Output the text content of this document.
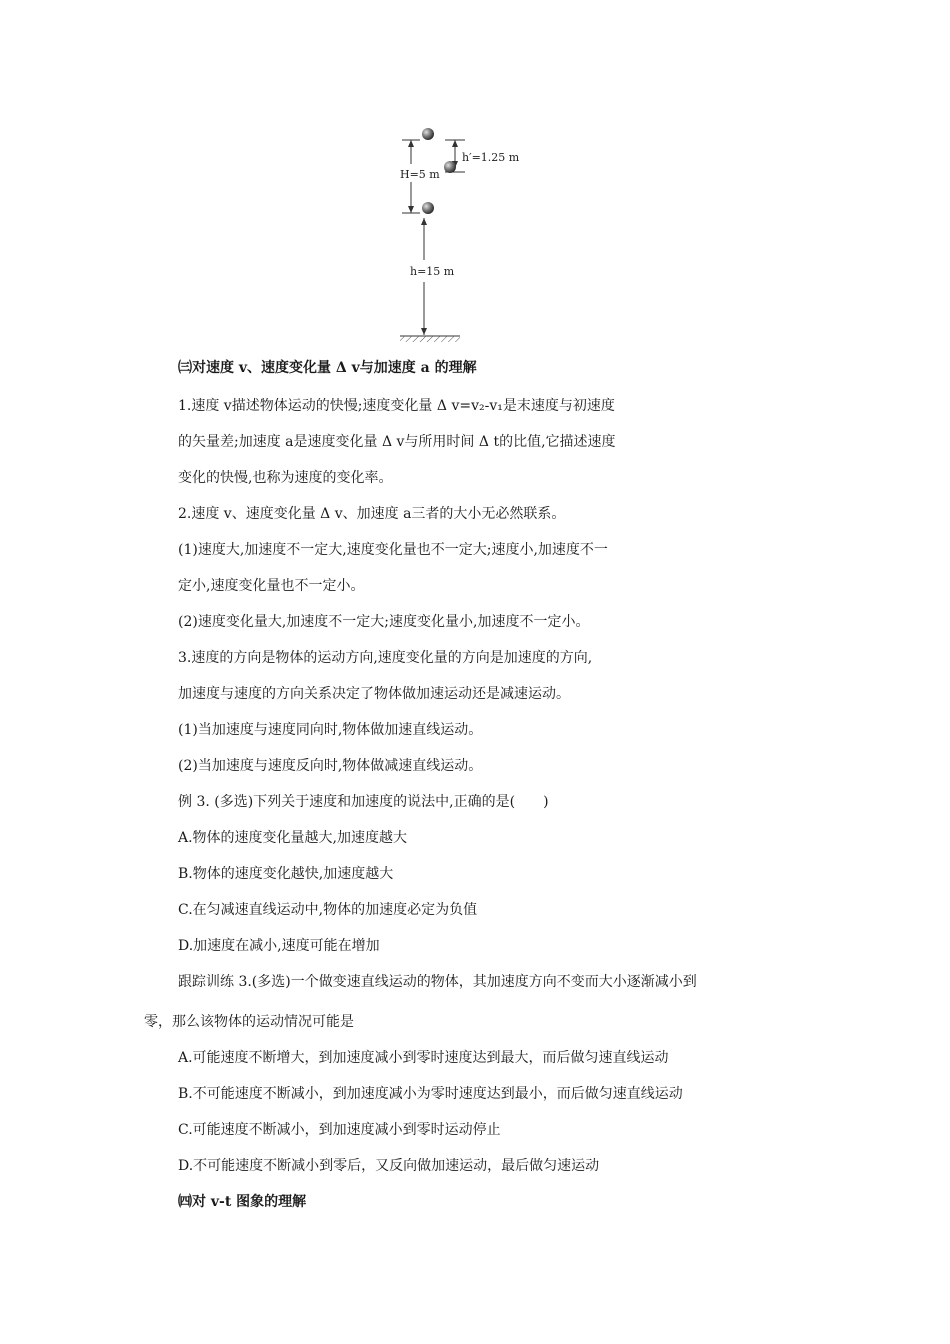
h′=1.25 m
H=5 m
h=15 m
㈢对速度 v、速度变化量 Δ v与加速度 a 的理解
1.速度 v描述物体运动的快慢;速度变化量 Δ v=v₂-v₁是末速度与初速度
的矢量差;加速度 a是速度变化量 Δ v与所用时间 Δ t的比值,它描述速度
变化的快慢,也称为速度的变化率。
2.速度 v、速度变化量 Δ v、加速度 a三者的大小无必然联系。
(1)速度大,加速度不一定大,速度变化量也不一定大;速度小,加速度不一
定小,速度变化量也不一定小。
(2)速度变化量大,加速度不一定大;速度变化量小,加速度不一定小。
3.速度的方向是物体的运动方向,速度变化量的方向是加速度的方向,
加速度与速度的方向关系决定了物体做加速运动还是减速运动。
(1)当加速度与速度同向时,物体做加速直线运动。
(2)当加速度与速度反向时,物体做减速直线运动。
例 3. (多选)下列关于速度和加速度的说法中,正确的是(　　)
A.物体的速度变化量越大,加速度越大
B.物体的速度变化越快,加速度越大
C.在匀减速直线运动中,物体的加速度必定为负值
D.加速度在减小,速度可能在增加
跟踪训练 3.(多选)一个做变速直线运动的物体，其加速度方向不变而大小逐渐减小到
零，那么该物体的运动情况可能是
A.可能速度不断增大，到加速度减小到零时速度达到最大，而后做匀速直线运动
B.不可能速度不断减小，到加速度减小为零时速度达到最小，而后做匀速直线运动
C.可能速度不断减小，到加速度减小到零时运动停止
D.不可能速度不断减小到零后，又反向做加速运动，最后做匀速运动
㈣对 v-t 图象的理解
